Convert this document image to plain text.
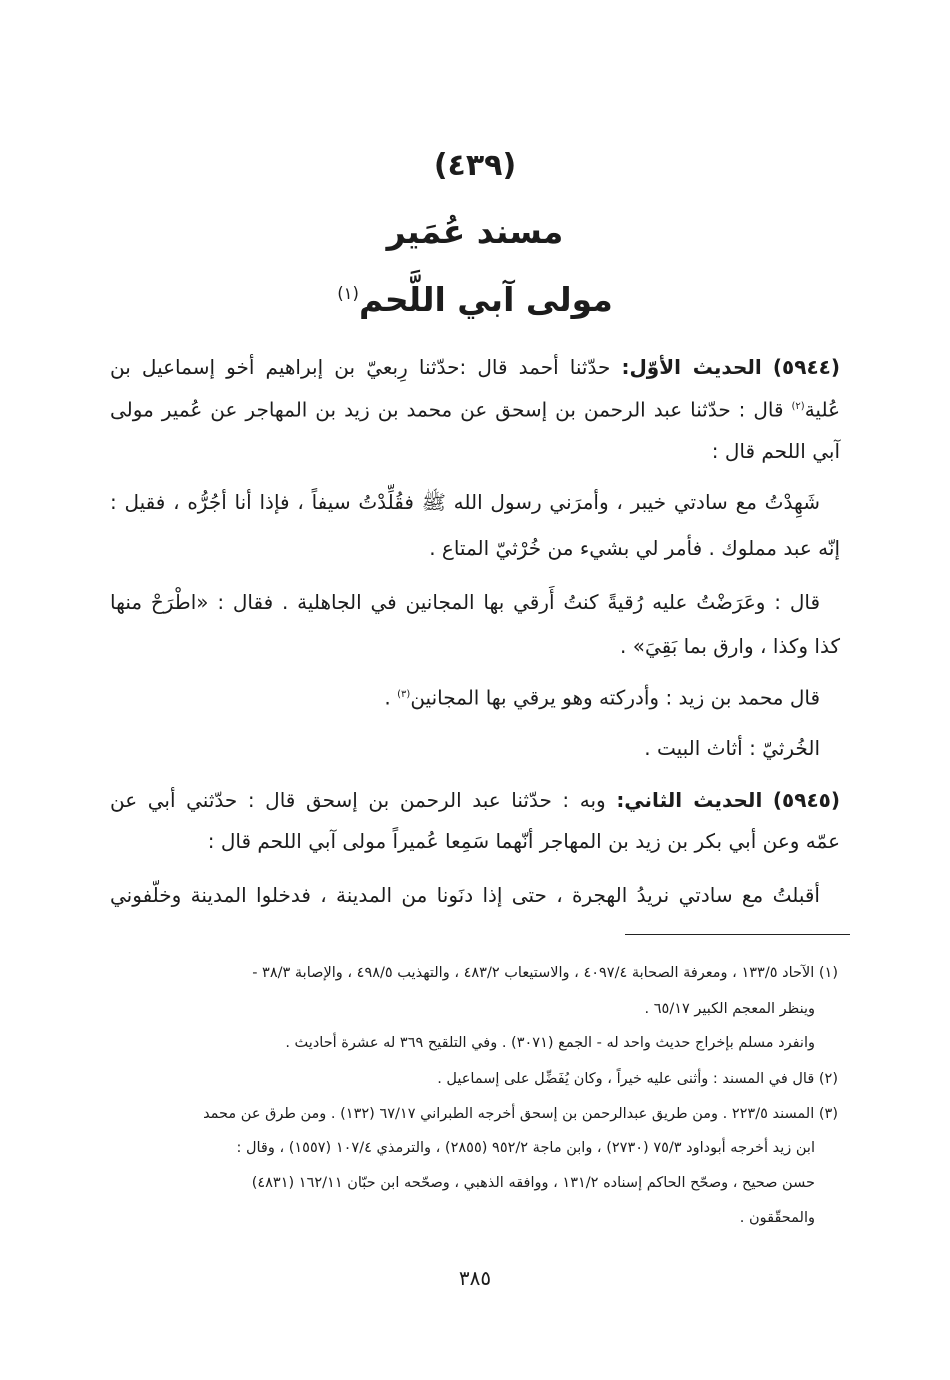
(٤٣٩)
مسند عُمَير
مولى آبي اللَّحم$^{(١)}$
(٥٩٤٤) الحديث الأوّل: حدّثنا أحمد قال :حدّثنا رِبعيّ بن إبراهيم أخو إسماعيل بن
عُلية$^{(٢)}$ قال : حدّثنا عبد الرحمن بن إسحق عن محمد بن زيد بن المهاجر عن عُمير مولى
آبي اللحم قال :
شَهِدْتُ مع سادتي خيبر ، وأمرَني رسول الله ﷺ فقُلِّدْتُ سيفاً ، فإذا أنا أجُرُّه ، فقيل :
إنّه عبد مملوك . فأمر لي بشيء من خُرْثيّ المتاع .
قال : وعَرَضْتُ عليه رُقيةً كنتُ أَرقي بها المجانين في الجاهلية . فقال : «اطْرَحْ منها
كذا وكذا ، وارق بما بَقِيَ» .
قال محمد بن زيد : وأدركته وهو يرقي بها المجانين$^{(٣)}$ .
الخُرثيّ : أثاث البيت .
(٥٩٤٥) الحديث الثاني: وبه : حدّثنا عبد الرحمن بن إسحق قال : حدّثني أبي عن
عمّه وعن أبي بكر بن زيد بن المهاجر أنّهما سَمِعا عُميراً مولى آبي اللحم قال :
أقبلتُ مع سادتي نريدُ الهجرة ، حتى إذا دنَونا من المدينة ، فدخلوا المدينة وخلّفوني
(١) الآحاد ١٣٣/٥ ، ومعرفة الصحابة ٤٠٩٧/٤ ، والاستيعاب ٤٨٣/٢ ، والتهذيب ٤٩٨/٥ ، والإصابة ٣٨/٣ -
وينظر المعجم الكبير ٦٥/١٧ .
وانفرد مسلم بإخراج حديث واحد له - الجمع (٣٠٧١) . وفي التلقيح ٣٦٩ له عشرة أحاديث .
(٢) قال في المسند : وأثنى عليه خيراً ، وكان يُفَضِّل على إسماعيل .
(٣) المسند ٢٢٣/٥ . ومن طريق عبدالرحمن بن إسحق أخرجه الطبراني ٦٧/١٧ (١٣٢) . ومن طرق عن محمد
ابن زيد أخرجه أبوداود ٧٥/٣ (٢٧٣٠) ، وابن ماجة ٩٥٢/٢ (٢٨٥٥) ، والترمذي ١٠٧/٤ (١٥٥٧) ، وقال :
حسن صحيح ، وصحّح الحاكم إسناده ١٣١/٢ ، ووافقه الذهبي ، وصحّحه ابن حبّان ١٦٢/١١ (٤٨٣١)
والمحقّقون .
٣٨٥
